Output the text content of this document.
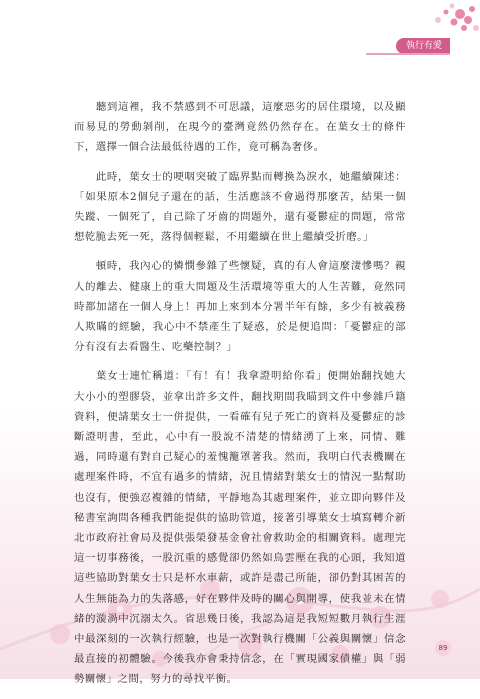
執行有愛

聽到這裡，我不禁感到不可思議，這麼惡劣的居住環境，以及顯而易見的勞動剝削，在現今的臺灣竟然仍然存在。在葉女士的條件下，選擇一個合法最低待遇的工作，竟可稱為奢侈。

此時，葉女士的哽咽突破了臨界點而轉換為淚水，她繼續陳述：「如果原本2個兒子還在的話，生活應該不會過得那麼苦，結果一個失蹤、一個死了，自己除了牙齒的問題外，還有憂鬱症的問題，常常想乾脆去死一死，落得個輕鬆，不用繼續在世上繼續受折磨。」

頓時，我內心的憐憫參雜了些懷疑，真的有人會這麼淒慘嗎？親人的離去、健康上的重大問題及生活環境等重大的人生苦難，竟然同時都加諸在一個人身上！再加上來到本分署半年有餘，多少有被義務人欺瞞的經驗，我心中不禁產生了疑惑，於是便追問：「憂鬱症的部分有沒有去看醫生、吃藥控制？」

葉女士連忙稱道：「有！有！我拿證明給你看」便開始翻找她大大小小的塑膠袋，並拿出許多文件，翻找期間我瞄到文件中參雜戶籍資料，便請葉女士一併提供，一看確有兒子死亡的資料及憂鬱症的診斷證明書，至此，心中有一股說不清楚的情緒湧了上來，同情、難過，同時還有對自己疑心的羞愧籠罩著我。然而，我明白代表機關在處理案件時，不宜有過多的情緒，況且情緒對葉女士的情況一點幫助也沒有，便強忍複雜的情緒，平靜地為其處理案件，並立即向夥伴及秘書室詢問各種我們能提供的協助管道，接著引導葉女士填寫轉介新北市政府社會局及提供張榮發基金會社會救助金的相關資料。處理完這一切事務後，一股沉重的感覺卻仍然如鳥雲壓在我的心頭，我知道這些協助對葉女士只是杯水車薪，或許是盡己所能，卻仍對其困苦的人生無能為力的失落感，好在夥伴及時的關心與開導，使我並未在情緒的漩渦中沉溺太久。省思幾日後，我認為這是我短短數月執行生涯中最深刻的一次執行經驗，也是一次對執行機關「公義與關懷」信念最直接的初體驗。今後我亦會秉持信念，在「實現國家債權」與「弱勢關懷」之間，努力的尋找平衡。

89
